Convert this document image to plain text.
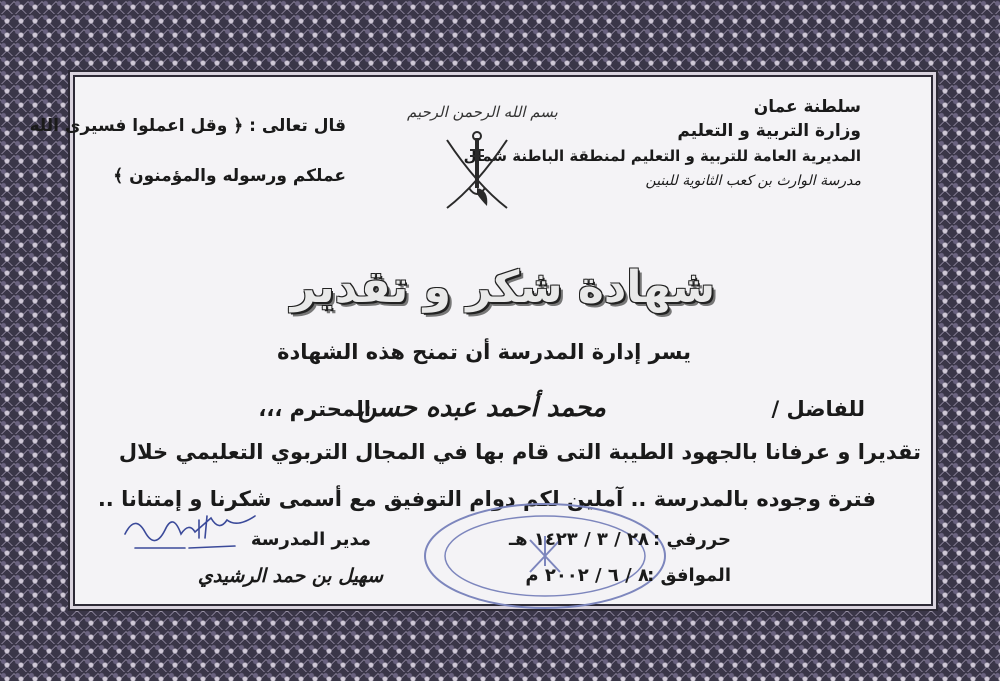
سلطنة عمان
وزارة التربية و التعليم
المديرية العامة للتربية و التعليم لمنطقة الباطنة شمال
مدرسة الوارث بن كعب الثانوية للبنين
بسم الله الرحمن الرحيم
قال تعالى : ﴿ وقل اعملوا فسيرى الله
عملكم ورسوله والمؤمنون ﴾
شهادة شكر و تقدير
يسر إدارة المدرسة أن تمنح هذه الشهادة
للفاضل /
محمد أحمد عبده حسن
المحترم ،،،
تقديرا و عرفانا بالجهود الطيبة التى قام بها في المجال التربوي التعليمي خلال
فترة وجوده بالمدرسة .. آملين لكم دوام التوفيق مع أسمى شكرنا و إمتنانا ..
حررفي :
٢٨ / ٣ / ١٤٢٣ هـ
الموافق :
٨ / ٦ / ٢٠٠٢ م
مدير المدرسة
سهيل بن حمد الرشيدي
